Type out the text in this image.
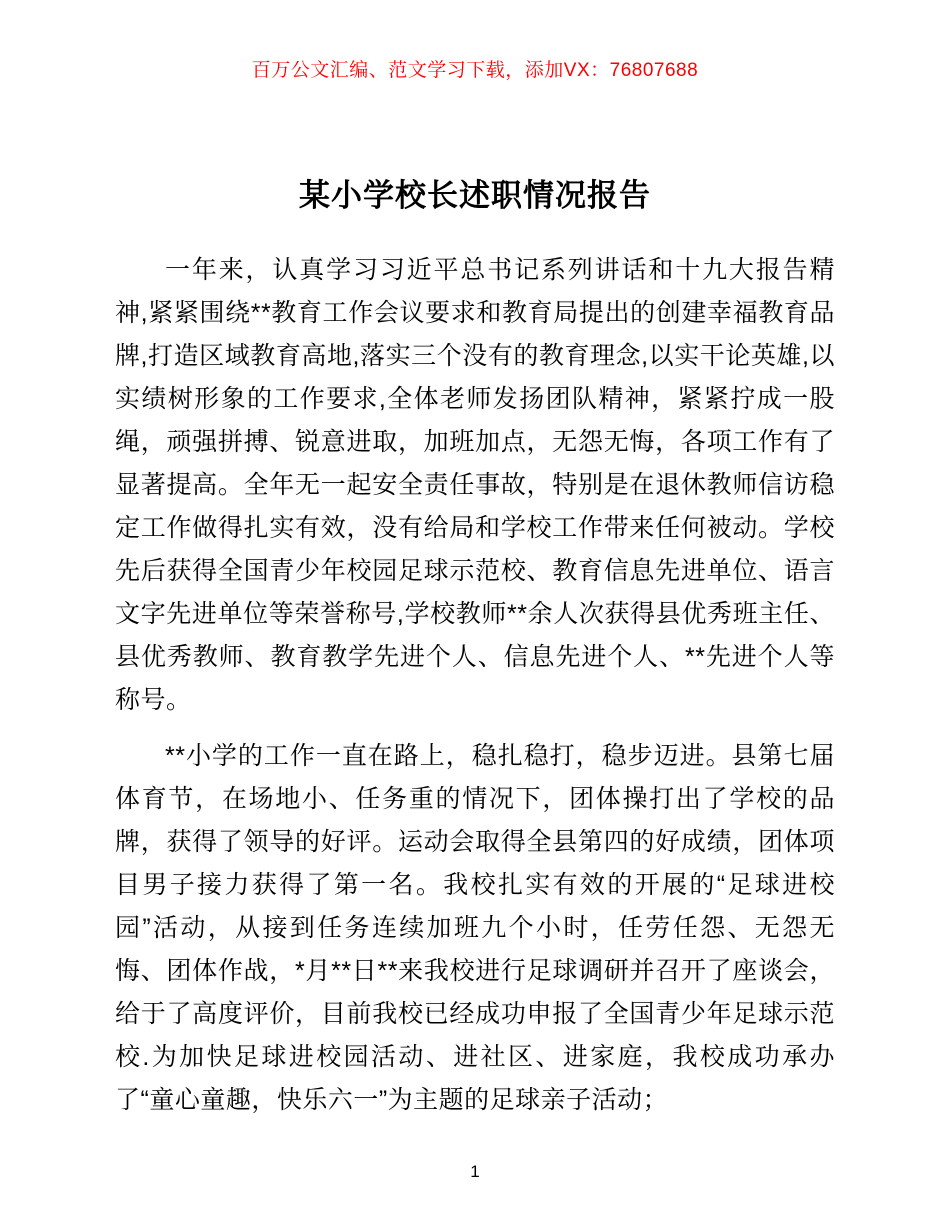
百万公文汇编、范文学习下载，添加VX：76807688
某小学校长述职情况报告

一年来，认真学习习近平总书记系列讲话和十九大报告精神,紧紧围绕**教育工作会议要求和教育局提出的创建幸福教育品牌,打造区域教育高地,落实三个没有的教育理念,以实干论英雄,以实绩树形象的工作要求,全体老师发扬团队精神，紧紧拧成一股绳，顽强拼搏、锐意进取，加班加点，无怨无悔，各项工作有了显著提高。全年无一起安全责任事故，特别是在退休教师信访稳定工作做得扎实有效，没有给局和学校工作带来任何被动。学校先后获得全国青少年校园足球示范校、教育信息先进单位、语言文字先进单位等荣誉称号,学校教师**余人次获得县优秀班主任、县优秀教师、教育教学先进个人、信息先进个人、**先进个人等称号。

**小学的工作一直在路上，稳扎稳打，稳步迈进。县第七届体育节，在场地小、任务重的情况下，团体操打出了学校的品牌，获得了领导的好评。运动会取得全县第四的好成绩，团体项目男子接力获得了第一名。我校扎实有效的开展的“足球进校园”活动，从接到任务连续加班九个小时，任劳任怨、无怨无悔、团体作战，*月**日**来我校进行足球调研并召开了座谈会，给于了高度评价，目前我校已经成功申报了全国青少年足球示范校.为加快足球进校园活动、进社区、进家庭，我校成功承办了“童心童趣，快乐六一”为主题的足球亲子活动；

1
